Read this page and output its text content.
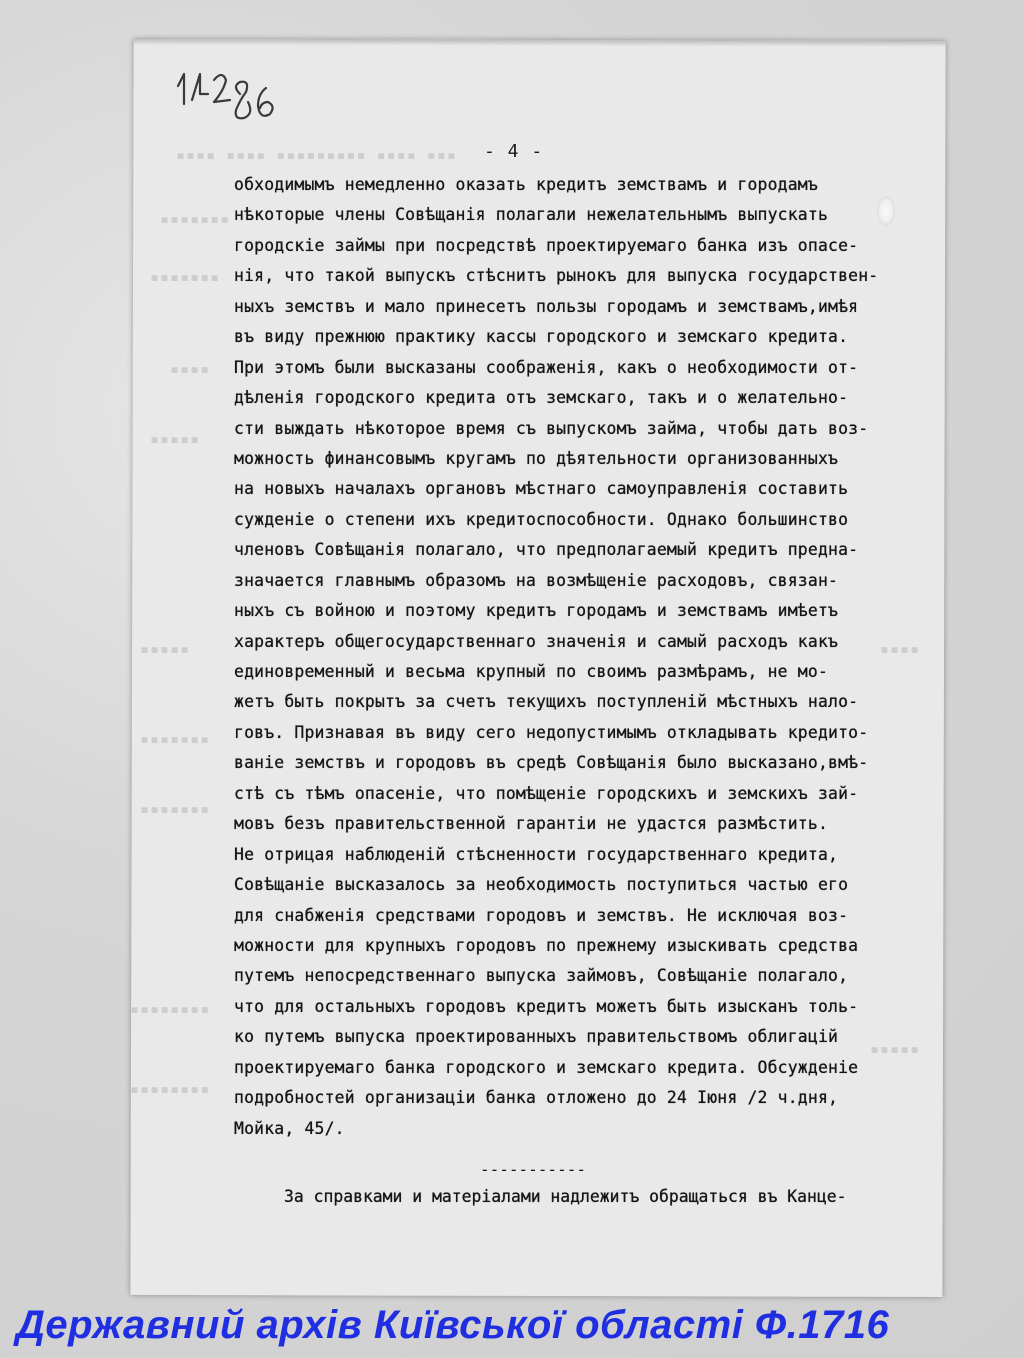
▪▪▪▪ ▪▪▪▪ ▪▪▪▪▪▪▪▪▪ ▪▪▪▪ ▪▪▪
▪▪▪▪▪▪▪
▪▪▪▪▪▪▪
▪▪▪▪
▪▪▪▪▪
▪▪▪▪▪
▪▪▪▪▪▪▪
▪▪▪▪▪▪▪
▪▪▪▪▪▪▪▪
▪▪▪▪▪▪▪▪
▪▪▪▪
▪▪▪▪▪
- 4 -
обходимымъ немедленно оказать кредитъ земствамъ и городамъ
нѣкоторые члены Совѣщанія полагали нежелательнымъ выпускать
городскіе займы при посредствѣ проектируемаго банка изъ опасе-
нія, что такой выпускъ стѣснитъ рынокъ для выпуска государствен-
ныхъ земствъ и мало принесетъ пользы городамъ и земствамъ,имѣя
въ виду прежнюю практику кассы городского и земскаго кредита.
При этомъ были высказаны соображенія, какъ о необходимости от-
дѣленія городского кредита отъ земскаго, такъ и о желательно-
сти выждать нѣкоторое время съ выпускомъ займа, чтобы дать воз-
можность финансовымъ кругамъ по дѣятельности организованныхъ
на новыхъ началахъ органовъ мѣстнаго самоуправленія составить
сужденіе о степени ихъ кредитоспособности. Однако большинство
членовъ Совѣщанія полагало, что предполагаемый кредитъ предна-
значается главнымъ образомъ на возмѣщеніе расходовъ, связан-
ныхъ съ войною и поэтому кредитъ городамъ и земствамъ имѣетъ
характеръ общегосударственнаго значенія и самый расходъ какъ
единовременный и весьма крупный по своимъ размѣрамъ, не мо-
жетъ быть покрытъ за счетъ текущихъ поступленій мѣстныхъ нало-
говъ. Признавая въ виду сего недопустимымъ откладывать кредито-
ваніе земствъ и городовъ въ средѣ Совѣщанія было высказано,вмѣ-
стѣ съ тѣмъ опасеніе, что помѣщеніе городскихъ и земскихъ зай-
мовъ безъ правительственной гарантіи не удастся размѣстить.
Не отрицая наблюденій стѣсненности государственнаго кредита,
Совѣщаніе высказалось за необходимость поступиться частью его
для снабженія средствами городовъ и земствъ. Не исключая воз-
можности для крупныхъ городовъ по прежнему изыскивать средства
путемъ непосредственнаго выпуска займовъ, Совѣщаніе полагало,
что для остальныхъ городовъ кредитъ можетъ быть изысканъ толь-
ко путемъ выпуска проектированныхъ правительствомъ облигацій
проектируемаго банка городского и земскаго кредита. Обсужденіе
подробностей организаціи банка отложено до 24 Іюня /2 ч.дня,
Мойка, 45/.
-----------
За справками и матеріалами надлежитъ обращаться въ Канце-
Державний архів Київської області Ф.1716
